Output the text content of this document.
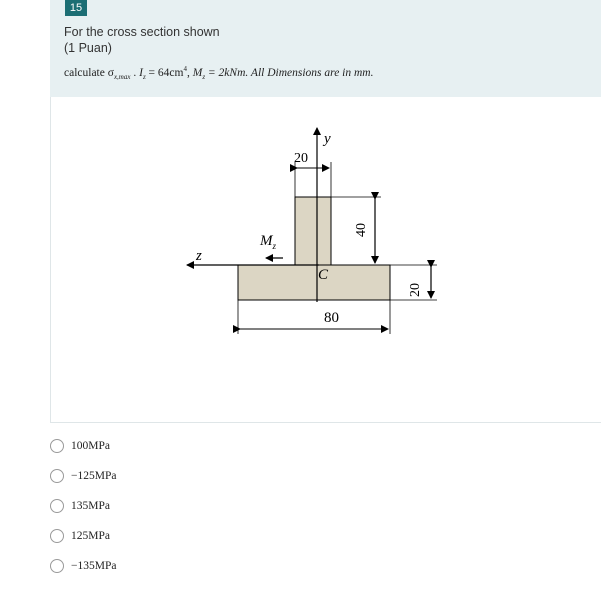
15
For the cross section shown
(1 Puan)
calculate $\sigma_{x,max}$ . $I_z = 64cm^4$, $M_z = 2kNm$. All Dimensions are in mm.
y
z
$M_z$
C
20
40
20
80
100MPa
−125MPa
135MPa
125MPa
−135MPa
